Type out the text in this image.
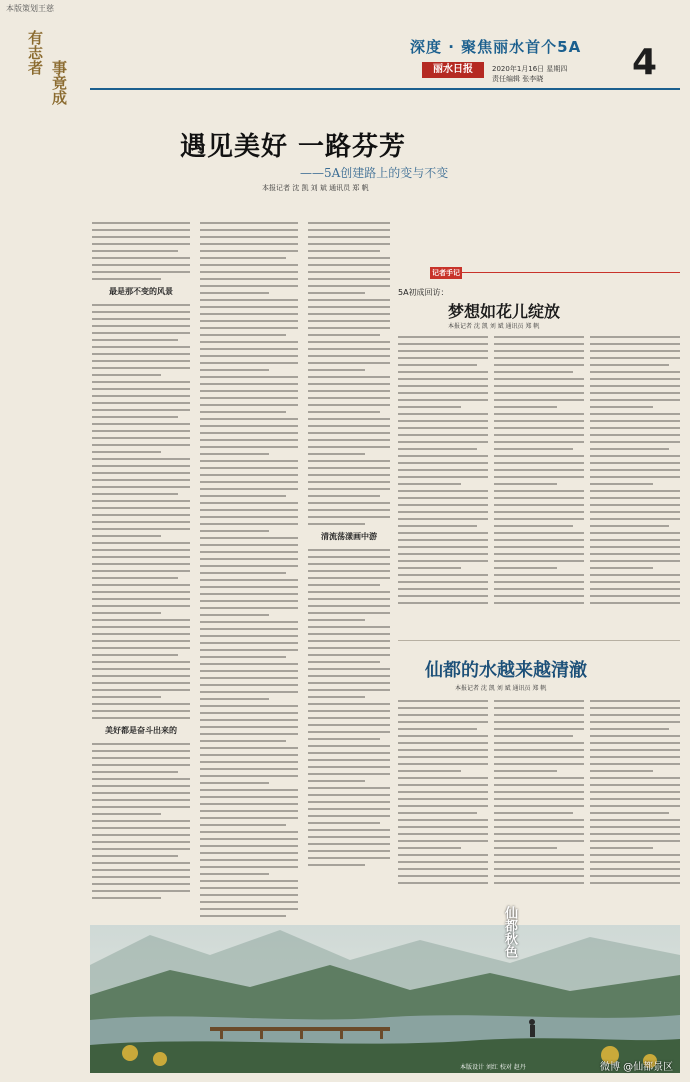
本版策划王慈
有志者
事竟成
深度 · 聚焦丽水首个5A 4
丽水日报	2020年1月16日 星期四
责任编辑 张李晓
遇见美好 一路芬芳
——5A创建路上的变与不变
本报记者 沈 凯 刘 斌 通讯员 郑 帆
最是那不变的风景
美好都是奋斗出来的
清流荡漾画中游
记者手记
5A初成回访：
梦想如花儿绽放
本报记者 沈 凯 刘 斌 通讯员 郑 帆
仙都的水越来越清澈
本报记者 沈 凯 刘 斌 通讯员 郑 帆
仙都秋色
本版设计 刘红 校对 赵丹	微博 @仙都景区
